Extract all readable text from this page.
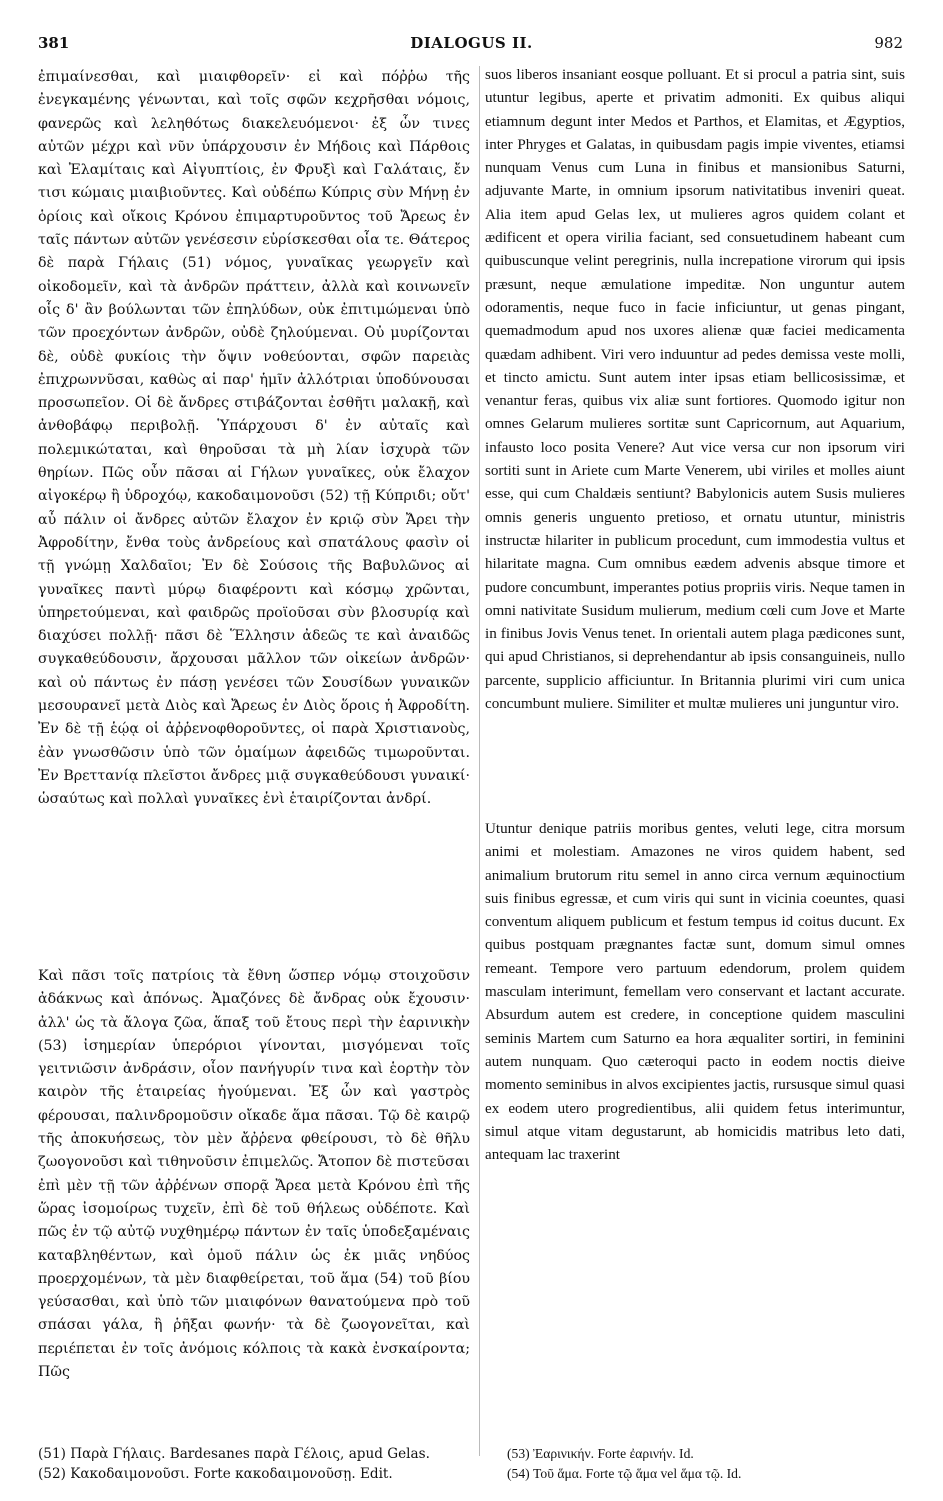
381	DIALOGUS II.	982
ἐπιμαίνεσθαι, καὶ μιαιφθορεῖν· εἰ καὶ πόῤῥω τῆς ἐνεγκαμένης γένωνται, καὶ τοῖς σφῶν κεχρῆσθαι νόμοις, φανερῶς καὶ λεληθότως διακελευόμενοι· ἐξ ὧν τινες αὐτῶν μέχρι καὶ νῦν ὑπάρχουσιν ἐν Μήδοις καὶ Πάρθοις καὶ Ἐλαμίταις καὶ Αἰγυπτίοις, ἐν Φρυξὶ καὶ Γαλάταις, ἔν τισι κώμαις μιαιβιοῦντες. Καὶ οὐδέπω Κύπρις σὺν Μήνῃ ἐν ὁρίοις καὶ οἴκοις Κρόνου ἐπιμαρτυροῦντος τοῦ Ἄρεως ἐν ταῖς πάντων αὐτῶν γενέσεσιν εὑρίσκεσθαι οἷα τε. Θάτερος δὲ παρὰ Γήλαις (51) νόμος, γυναῖκας γεωργεῖν καὶ οἰκοδομεῖν, καὶ τὰ ἀνδρῶν πράττειν, ἀλλὰ καὶ κοινωνεῖν οἷς δ' ἂν βούλωνται τῶν ἐπηλύδων, οὐκ ἐπιτιμώμεναι ὑπὸ τῶν προεχόντων ἀνδρῶν, οὐδὲ ζηλούμεναι. Οὐ μυρίζονται δὲ, οὐδὲ φυκίοις τὴν ὄψιν νοθεύονται, σφῶν παρειὰς ἐπιχρωννῦσαι, καθὼς αἱ παρ' ἡμῖν ἀλλότριαι ὑποδύνουσαι προσωπεῖον. Οἱ δὲ ἄνδρες στιβάζονται ἐσθῆτι μαλακῇ, καὶ ἀνθοβάφῳ περιβολῇ. Ὑπάρχουσι δ' ἐν αὐταῖς καὶ πολεμικώταται, καὶ θηροῦσαι τὰ μὴ λίαν ἰσχυρὰ τῶν θηρίων. Πῶς οὖν πᾶσαι αἱ Γήλων γυναῖκες, οὐκ ἔλαχον αἰγοκέρῳ ἢ ὑδροχόῳ, κακοδαιμονοῦσι (52) τῇ Κύπριδι; οὔτ' αὖ πάλιν οἱ ἄνδρες αὐτῶν ἔλαχον ἐν κριῷ σὺν Ἄρει τὴν Ἀφροδίτην, ἔνθα τοὺς ἀνδρείους καὶ σπατάλους φασὶν οἱ τῇ γνώμῃ Χαλδαῖοι; Ἐν δὲ Σούσοις τῆς Βαβυλῶνος αἱ γυναῖκες παντὶ μύρῳ διαφέροντι καὶ κόσμῳ χρῶνται, ὑπηρετούμεναι, καὶ φαιδρῶς προϊοῦσαι σὺν βλοσυρίᾳ καὶ διαχύσει πολλῇ· πᾶσι δὲ Ἕλλησιν ἀδεῶς τε καὶ ἀναιδῶς συγκαθεύδουσιν, ἄρχουσαι μᾶλλον τῶν οἰκείων ἀνδρῶν· καὶ οὐ πάντως ἐν πάσῃ γενέσει τῶν Σουσίδων γυναικῶν μεσουρανεῖ μετὰ Διὸς καὶ Ἄρεως ἐν Διὸς ὅροις ἡ Ἀφροδίτη. Ἐν δὲ τῇ ἑῴᾳ οἱ ἀῤῥενοφθοροῦντες, οἱ παρὰ Χριστιανοὺς, ἐὰν γνωσθῶσιν ὑπὸ τῶν ὁμαίμων ἀφειδῶς τιμωροῦνται. Ἐν Βρεττανίᾳ πλεῖστοι ἄνδρες μιᾷ συγκαθεύδουσι γυναικί· ὡσαύτως καὶ πολλαὶ γυναῖκες ἑνὶ ἑταιρίζονται ἀνδρί.
Καὶ πᾶσι τοῖς πατρίοις τὰ ἔθνη ὥσπερ νόμῳ στοιχοῦσιν ἀδάκνως καὶ ἀπόνως. Ἀμαζόνες δὲ ἄνδρας οὐκ ἔχουσιν· ἀλλ' ὡς τὰ ἄλογα ζῶα, ἅπαξ τοῦ ἔτους περὶ τὴν ἐαρινικὴν (53) ἰσημερίαν ὑπερόριοι γίνονται, μισγόμεναι τοῖς γειτνιῶσιν ἀνδράσιν, οἷον πανήγυρίν τινα καὶ ἑορτὴν τὸν καιρὸν τῆς ἑταιρείας ἡγούμεναι. Ἐξ ὧν καὶ γαστρὸς φέρουσαι, παλινδρομοῦσιν οἴκαδε ἅμα πᾶσαι. Τῷ δὲ καιρῷ τῆς ἀποκυήσεως, τὸν μὲν ἄῤῥενα φθείρουσι, τὸ δὲ θῆλυ ζωογονοῦσι καὶ τιθηνοῦσιν ἐπιμελῶς. Ἄτοπον δὲ πιστεῦσαι ἐπὶ μὲν τῇ τῶν ἀῤῥένων σπορᾷ Ἄρεα μετὰ Κρόνου ἐπὶ τῆς ὥρας ἰσομοίρως τυχεῖν, ἐπὶ δὲ τοῦ θήλεως οὐδέποτε. Καὶ πῶς ἐν τῷ αὐτῷ νυχθημέρῳ πάντων ἐν ταῖς ὑποδεξαμέναις καταβληθέντων, καὶ ὁμοῦ πάλιν ὡς ἐκ μιᾶς νηδύος προερχομένων, τὰ μὲν διαφθείρεται, τοῦ ἅμα (54) τοῦ βίου γεύσασθαι, καὶ ὑπὸ τῶν μιαιφόνων θανατούμενα πρὸ τοῦ σπάσαι γάλα, ἢ ῥῆξαι φωνήν· τὰ δὲ ζωογονεῖται, καὶ περιέπεται ἐν τοῖς ἀνόμοις κόλποις τὰ κακὰ ἐνσκαίροντα; Πῶς
suos liberos insaniant eosque polluant. Et si procul a patria sint, suis utuntur legibus, aperte et privatim admoniti. Ex quibus aliqui etiamnum degunt inter Medos et Parthos, et Elamitas, et Ægyptios, inter Phryges et Galatas, in quibusdam pagis impie viventes, etiamsi nunquam Venus cum Luna in finibus et mansionibus Saturni, adjuvante Marte, in omnium ipsorum nativitatibus inveniri queat. Alia item apud Gelas lex, ut mulieres agros quidem colant et ædificent et opera virilia faciant, sed consuetudinem habeant cum quibuscunque velint peregrinis, nulla increpatione virorum qui ipsis præsunt, neque æmulatione impeditæ. Non unguntur autem odoramentis, neque fuco in facie inficiuntur, ut genas pingant, quemadmodum apud nos uxores alienæ quæ faciei medicamenta quædam adhibent. Viri vero induuntur ad pedes demissa veste molli, et tincto amictu. Sunt autem inter ipsas etiam bellicosissimæ, et venantur feras, quibus vix aliæ sunt fortiores. Quomodo igitur non omnes Gelarum mulieres sortitæ sunt Capricornum, aut Aquarium, infausto loco posita Venere? Aut vice versa cur non ipsorum viri sortiti sunt in Ariete cum Marte Venerem, ubi viriles et molles aiunt esse, qui cum Chaldæis sentiunt? Babylonicis autem Susis mulieres omnis generis unguento pretioso, et ornatu utuntur, ministris instructæ hilariter in publicum procedunt, cum immodestia vultus et hilaritate magna. Cum omnibus eædem advenis absque timore et pudore concumbunt, imperantes potius propriis viris. Neque tamen in omni nativitate Susidum mulierum, medium cœli cum Jove et Marte in finibus Jovis Venus tenet. In orientali autem plaga pædicones sunt, qui apud Christianos, si deprehendantur ab ipsis consanguineis, nullo parcente, supplicio afficiuntur. In Britannia plurimi viri cum unica concumbunt muliere. Similiter et multæ mulieres uni junguntur viro.
Utuntur denique patriis moribus gentes, veluti lege, citra morsum animi et molestiam. Amazones ne viros quidem habent, sed animalium brutorum ritu semel in anno circa vernum æquinoctium suis finibus egressæ, et cum viris qui sunt in vicinia coeuntes, quasi conventum aliquem publicum et festum tempus id coitus ducunt. Ex quibus postquam prægnantes factæ sunt, domum simul omnes remeant. Tempore vero partuum edendorum, prolem quidem masculam interimunt, femellam vero conservant et lactant accurate. Absurdum autem est credere, in conceptione quidem masculini seminis Martem cum Saturno ea hora æqualiter sortiri, in feminini autem nunquam. Quo cæteroqui pacto in eodem noctis dieive momento seminibus in alvos excipientes jactis, rursusque simul quasi ex eodem utero progredientibus, alii quidem fetus interimuntur, simul atque vitam degustarunt, ab homicidis matribus leto dati, antequam lac traxerint
(51) Παρὰ Γήλαις. Bardesanes παρὰ Γέλοις, apud Gelas.
(52) Κακοδαιμονοῦσι. Forte κακοδαιμονοῦσῃ. Edit.
(53) Ἐαρινικήν. Forte ἐαρινήν. Id.
(54) Τοῦ ἅμα. Forte τῷ ἅμα vel ἅμα τῷ. Id.
